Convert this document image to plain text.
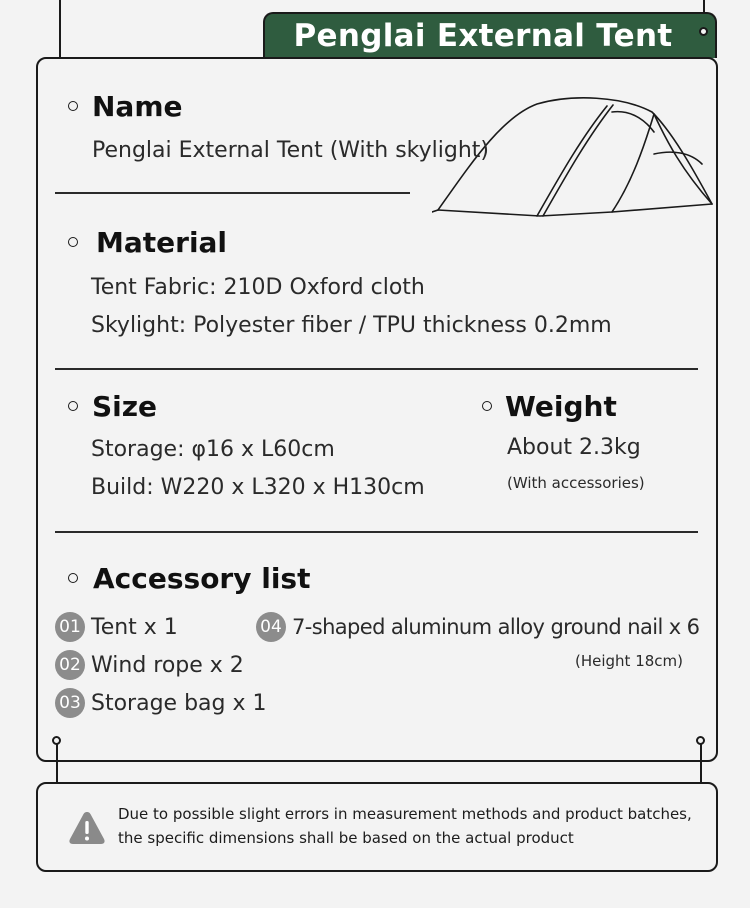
Penglai External Tent
Name
Penglai External Tent (With skylight)
Material
Tent Fabric: 210D Oxford cloth
Skylight: Polyester fiber / TPU thickness 0.2mm
Size
Storage: φ16 x L60cm
Build: W220 x L320 x H130cm
Weight
About 2.3kg
(With accessories)
Accessory list
01 Tent x 1
02 Wind rope x 2
03 Storage bag x 1
04 7-shaped aluminum alloy ground nail x 6
(Height 18cm)
Due to possible slight errors in measurement methods and product batches,
the specific dimensions shall be based on the actual product
